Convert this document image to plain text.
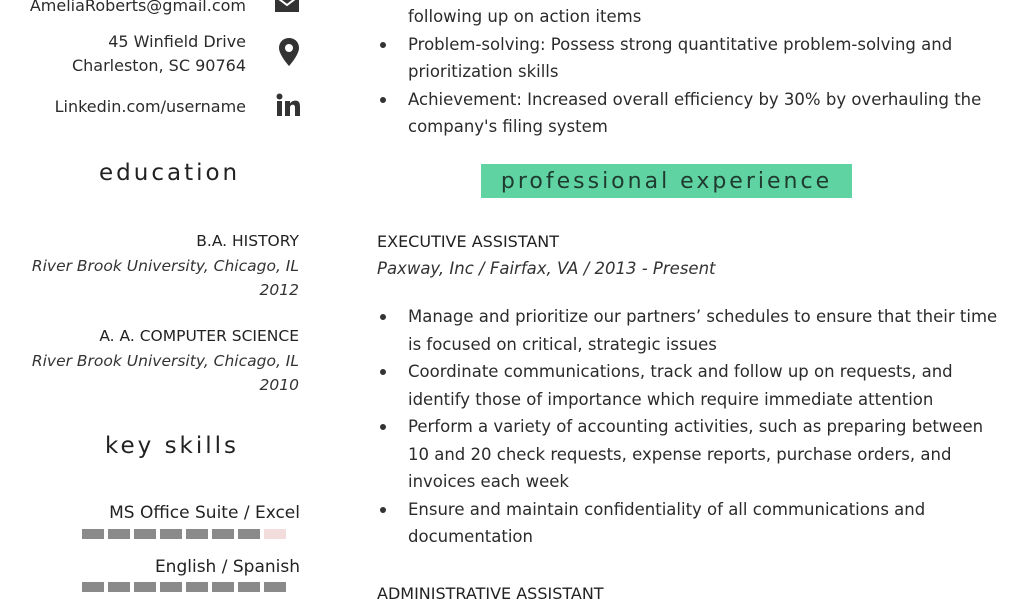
AmeliaRoberts@gmail.com
45 Winfield Drive
Charleston, SC 90764
Linkedin.com/username
education
B.A. HISTORY
River Brook University, Chicago, IL
2012
A. A. COMPUTER SCIENCE
River Brook University, Chicago, IL
2010
key skills
MS Office Suite / Excel
English / Spanish
following up on action items
Problem-solving: Possess strong quantitative problem-solving and prioritization skills
Achievement: Increased overall efficiency by 30% by overhauling the company's filing system
professional experience
EXECUTIVE ASSISTANT
Paxway, Inc / Fairfax, VA / 2013 - Present
Manage and prioritize our partners’ schedules to ensure that their time is focused on critical, strategic issues
Coordinate communications, track and follow up on requests, and identify those of importance which require immediate attention
Perform a variety of accounting activities, such as preparing between 10 and 20 check requests, expense reports, purchase orders, and invoices each week
Ensure and maintain confidentiality of all communications and documentation
ADMINISTRATIVE ASSISTANT
